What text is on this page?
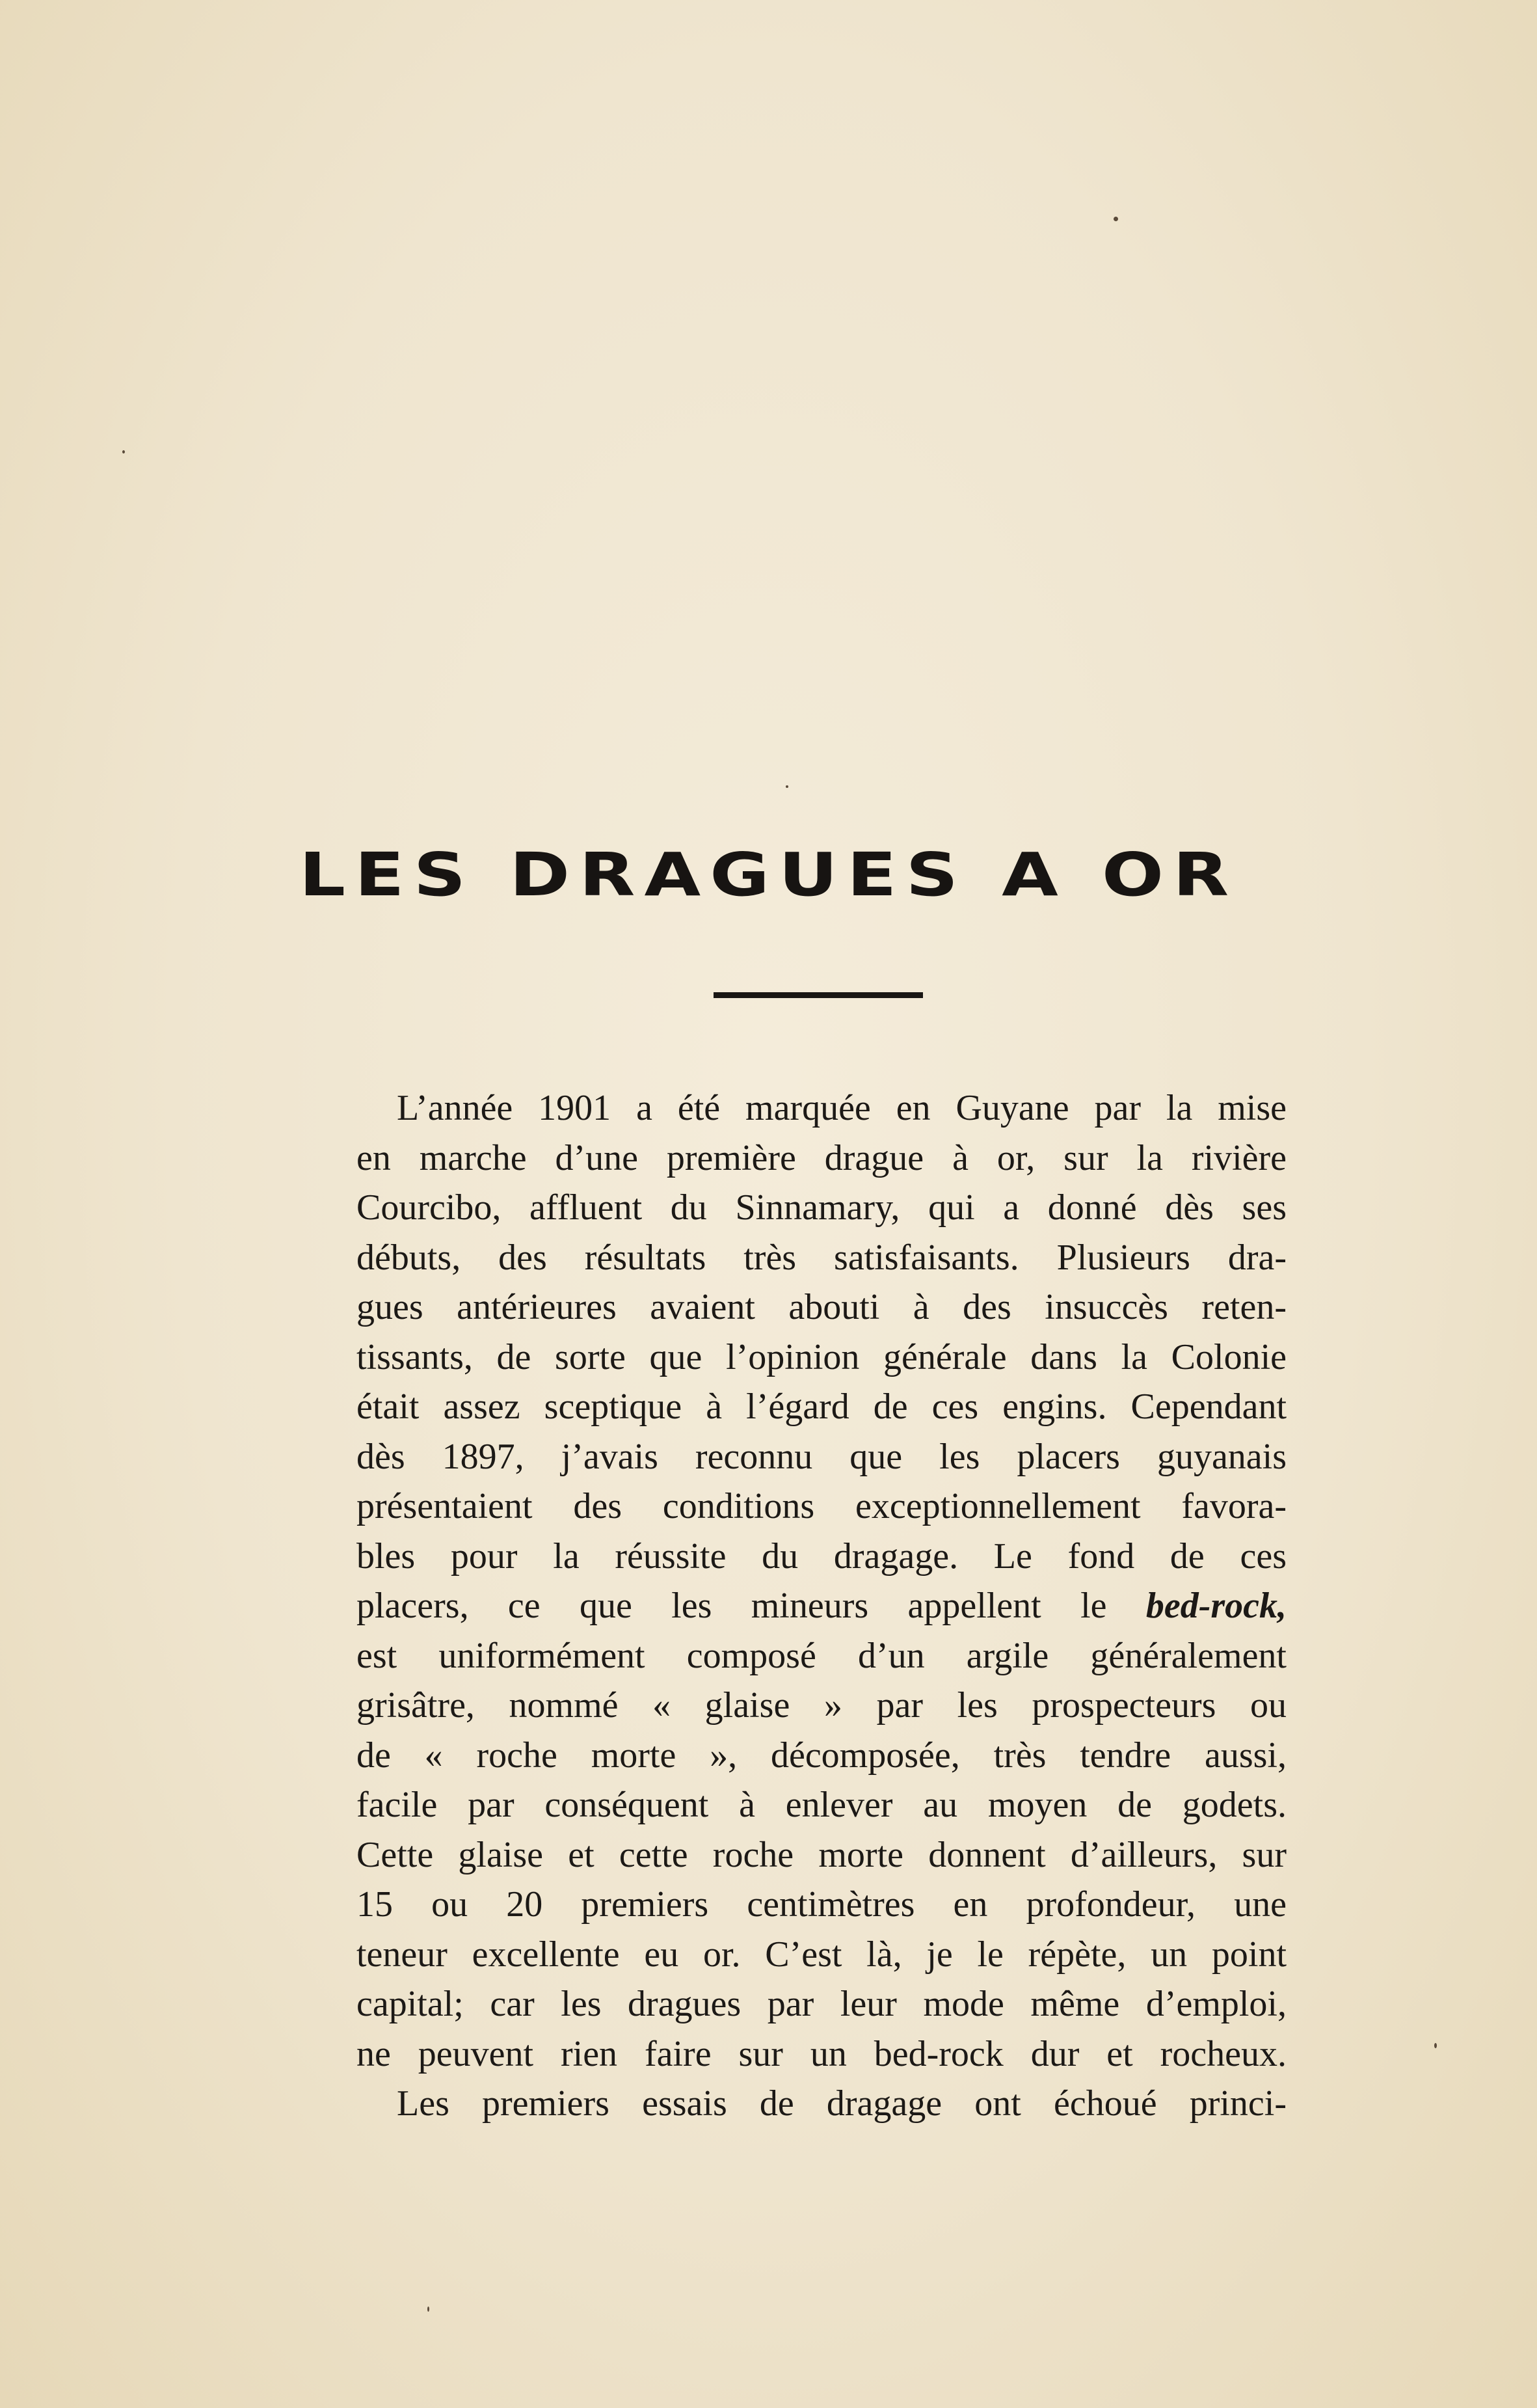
LES DRAGUES A OR
L’année 1901 a été marquée en Guyane par la mise
en marche d’une première drague à or, sur la rivière
Courcibo, affluent du Sinnamary, qui a donné dès ses
débuts, des résultats très satisfaisants. Plusieurs dra-
gues antérieures avaient abouti à des insuccès reten-
tissants, de sorte que l’opinion générale dans la Colonie
était assez sceptique à l’égard de ces engins. Cependant
dès 1897, j’avais reconnu que les placers guyanais
présentaient des conditions exceptionnellement favora-
bles pour la réussite du dragage. Le fond de ces
placers, ce que les mineurs appellent le bed-rock,
est uniformément composé d’un argile généralement
grisâtre, nommé « glaise » par les prospecteurs ou
de « roche morte », décomposée, très tendre aussi,
facile par conséquent à enlever au moyen de godets.
Cette glaise et cette roche morte donnent d’ailleurs, sur
15 ou 20 premiers centimètres en profondeur, une
teneur excellente eu or. C’est là, je le répète, un point
capital; car les dragues par leur mode même d’emploi,
ne peuvent rien faire sur un bed-rock dur et rocheux.
Les premiers essais de dragage ont échoué princi-
